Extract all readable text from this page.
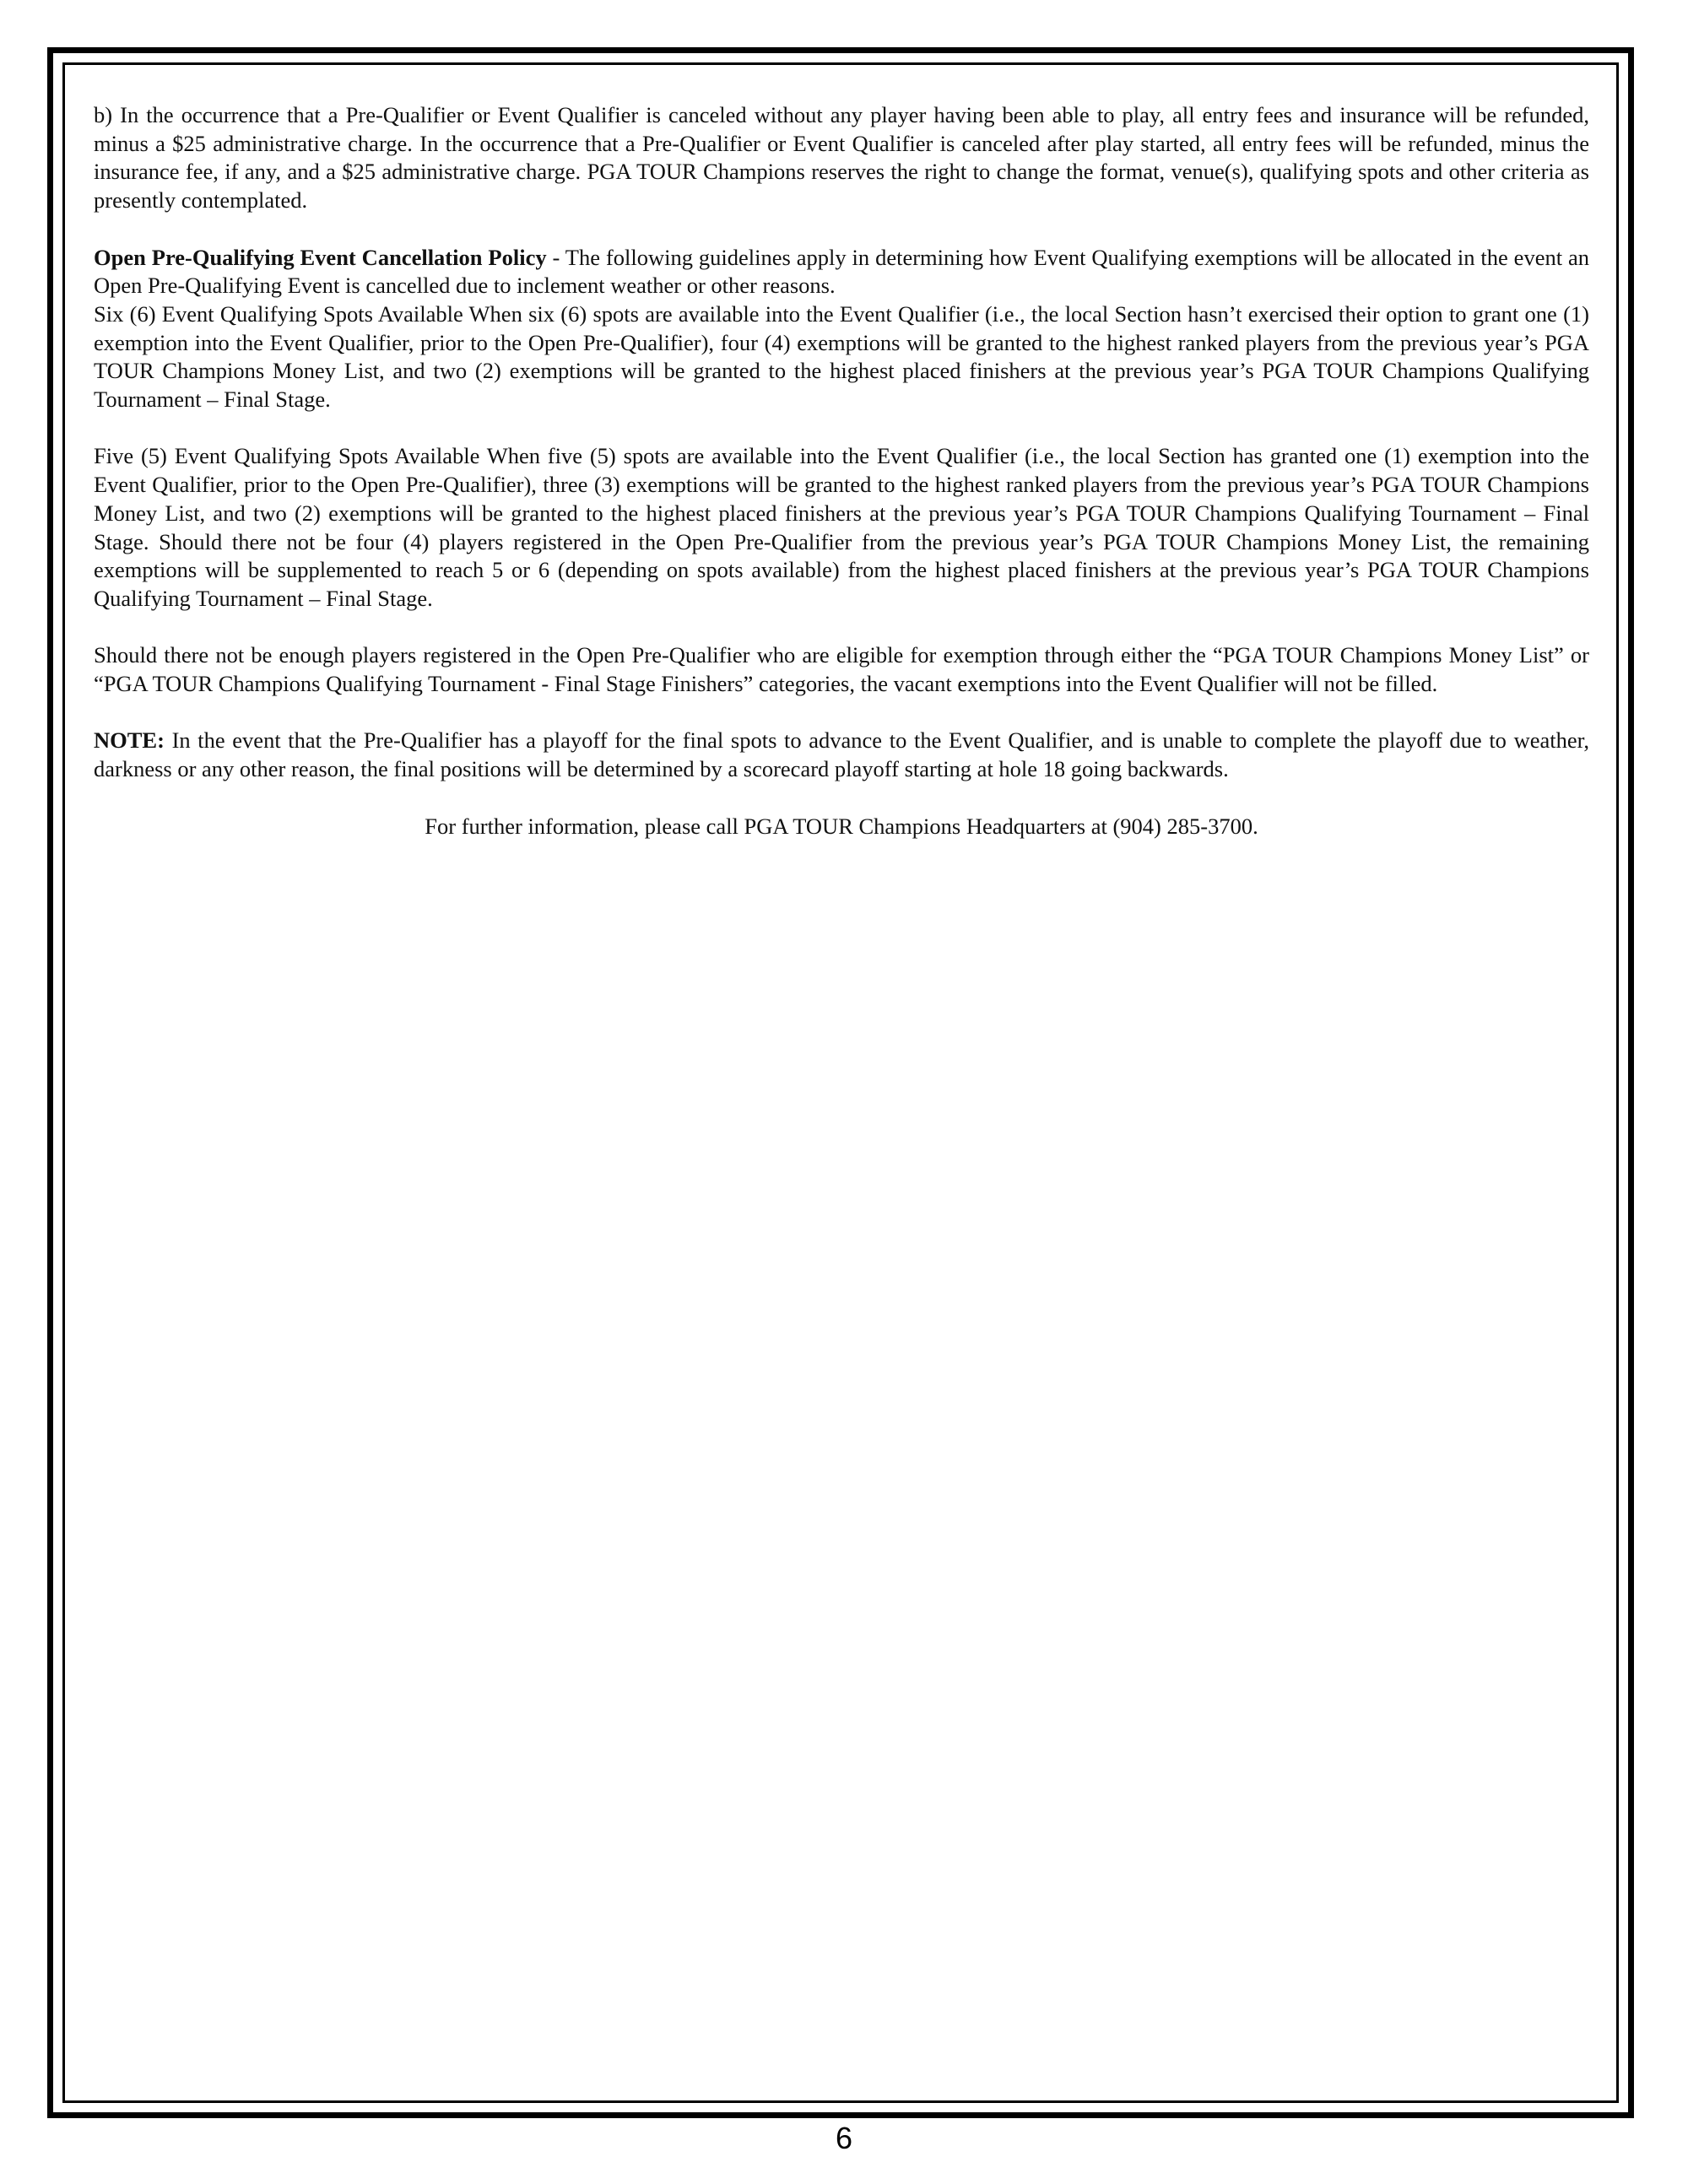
b) In the occurrence that a Pre-Qualifier or Event Qualifier is canceled without any player having been able to play, all entry fees and insurance will be refunded, minus a $25 administrative charge. In the occurrence that a Pre-Qualifier or Event Qualifier is canceled after play started, all entry fees will be refunded, minus the insurance fee, if any, and a $25 administrative charge. PGA TOUR Champions reserves the right to change the format, venue(s), qualifying spots and other criteria as presently contemplated.

Open Pre-Qualifying Event Cancellation Policy - The following guidelines apply in determining how Event Qualifying exemptions will be allocated in the event an Open Pre-Qualifying Event is cancelled due to inclement weather or other reasons.

Six (6) Event Qualifying Spots Available When six (6) spots are available into the Event Qualifier (i.e., the local Section hasn’t exercised their option to grant one (1) exemption into the Event Qualifier, prior to the Open Pre-Qualifier), four (4) exemptions will be granted to the highest ranked players from the previous year’s PGA TOUR Champions Money List, and two (2) exemptions will be granted to the highest placed finishers at the previous year’s PGA TOUR Champions Qualifying Tournament – Final Stage.

Five (5) Event Qualifying Spots Available When five (5) spots are available into the Event Qualifier (i.e., the local Section has granted one (1) exemption into the Event Qualifier, prior to the Open Pre-Qualifier), three (3) exemptions will be granted to the highest ranked players from the previous year’s PGA TOUR Champions Money List, and two (2) exemptions will be granted to the highest placed finishers at the previous year’s PGA TOUR Champions Qualifying Tournament – Final Stage. Should there not be four (4) players registered in the Open Pre-Qualifier from the previous year’s PGA TOUR Champions Money List, the remaining exemptions will be supplemented to reach 5 or 6 (depending on spots available) from the highest placed finishers at the previous year’s PGA TOUR Champions Qualifying Tournament – Final Stage.

Should there not be enough players registered in the Open Pre-Qualifier who are eligible for exemption through either the “PGA TOUR Champions Money List” or “PGA TOUR Champions Qualifying Tournament - Final Stage Finishers” categories, the vacant exemptions into the Event Qualifier will not be filled.

NOTE: In the event that the Pre-Qualifier has a playoff for the final spots to advance to the Event Qualifier, and is unable to complete the playoff due to weather, darkness or any other reason, the final positions will be determined by a scorecard playoff starting at hole 18 going backwards.

For further information, please call PGA TOUR Champions Headquarters at (904) 285-3700.

6
